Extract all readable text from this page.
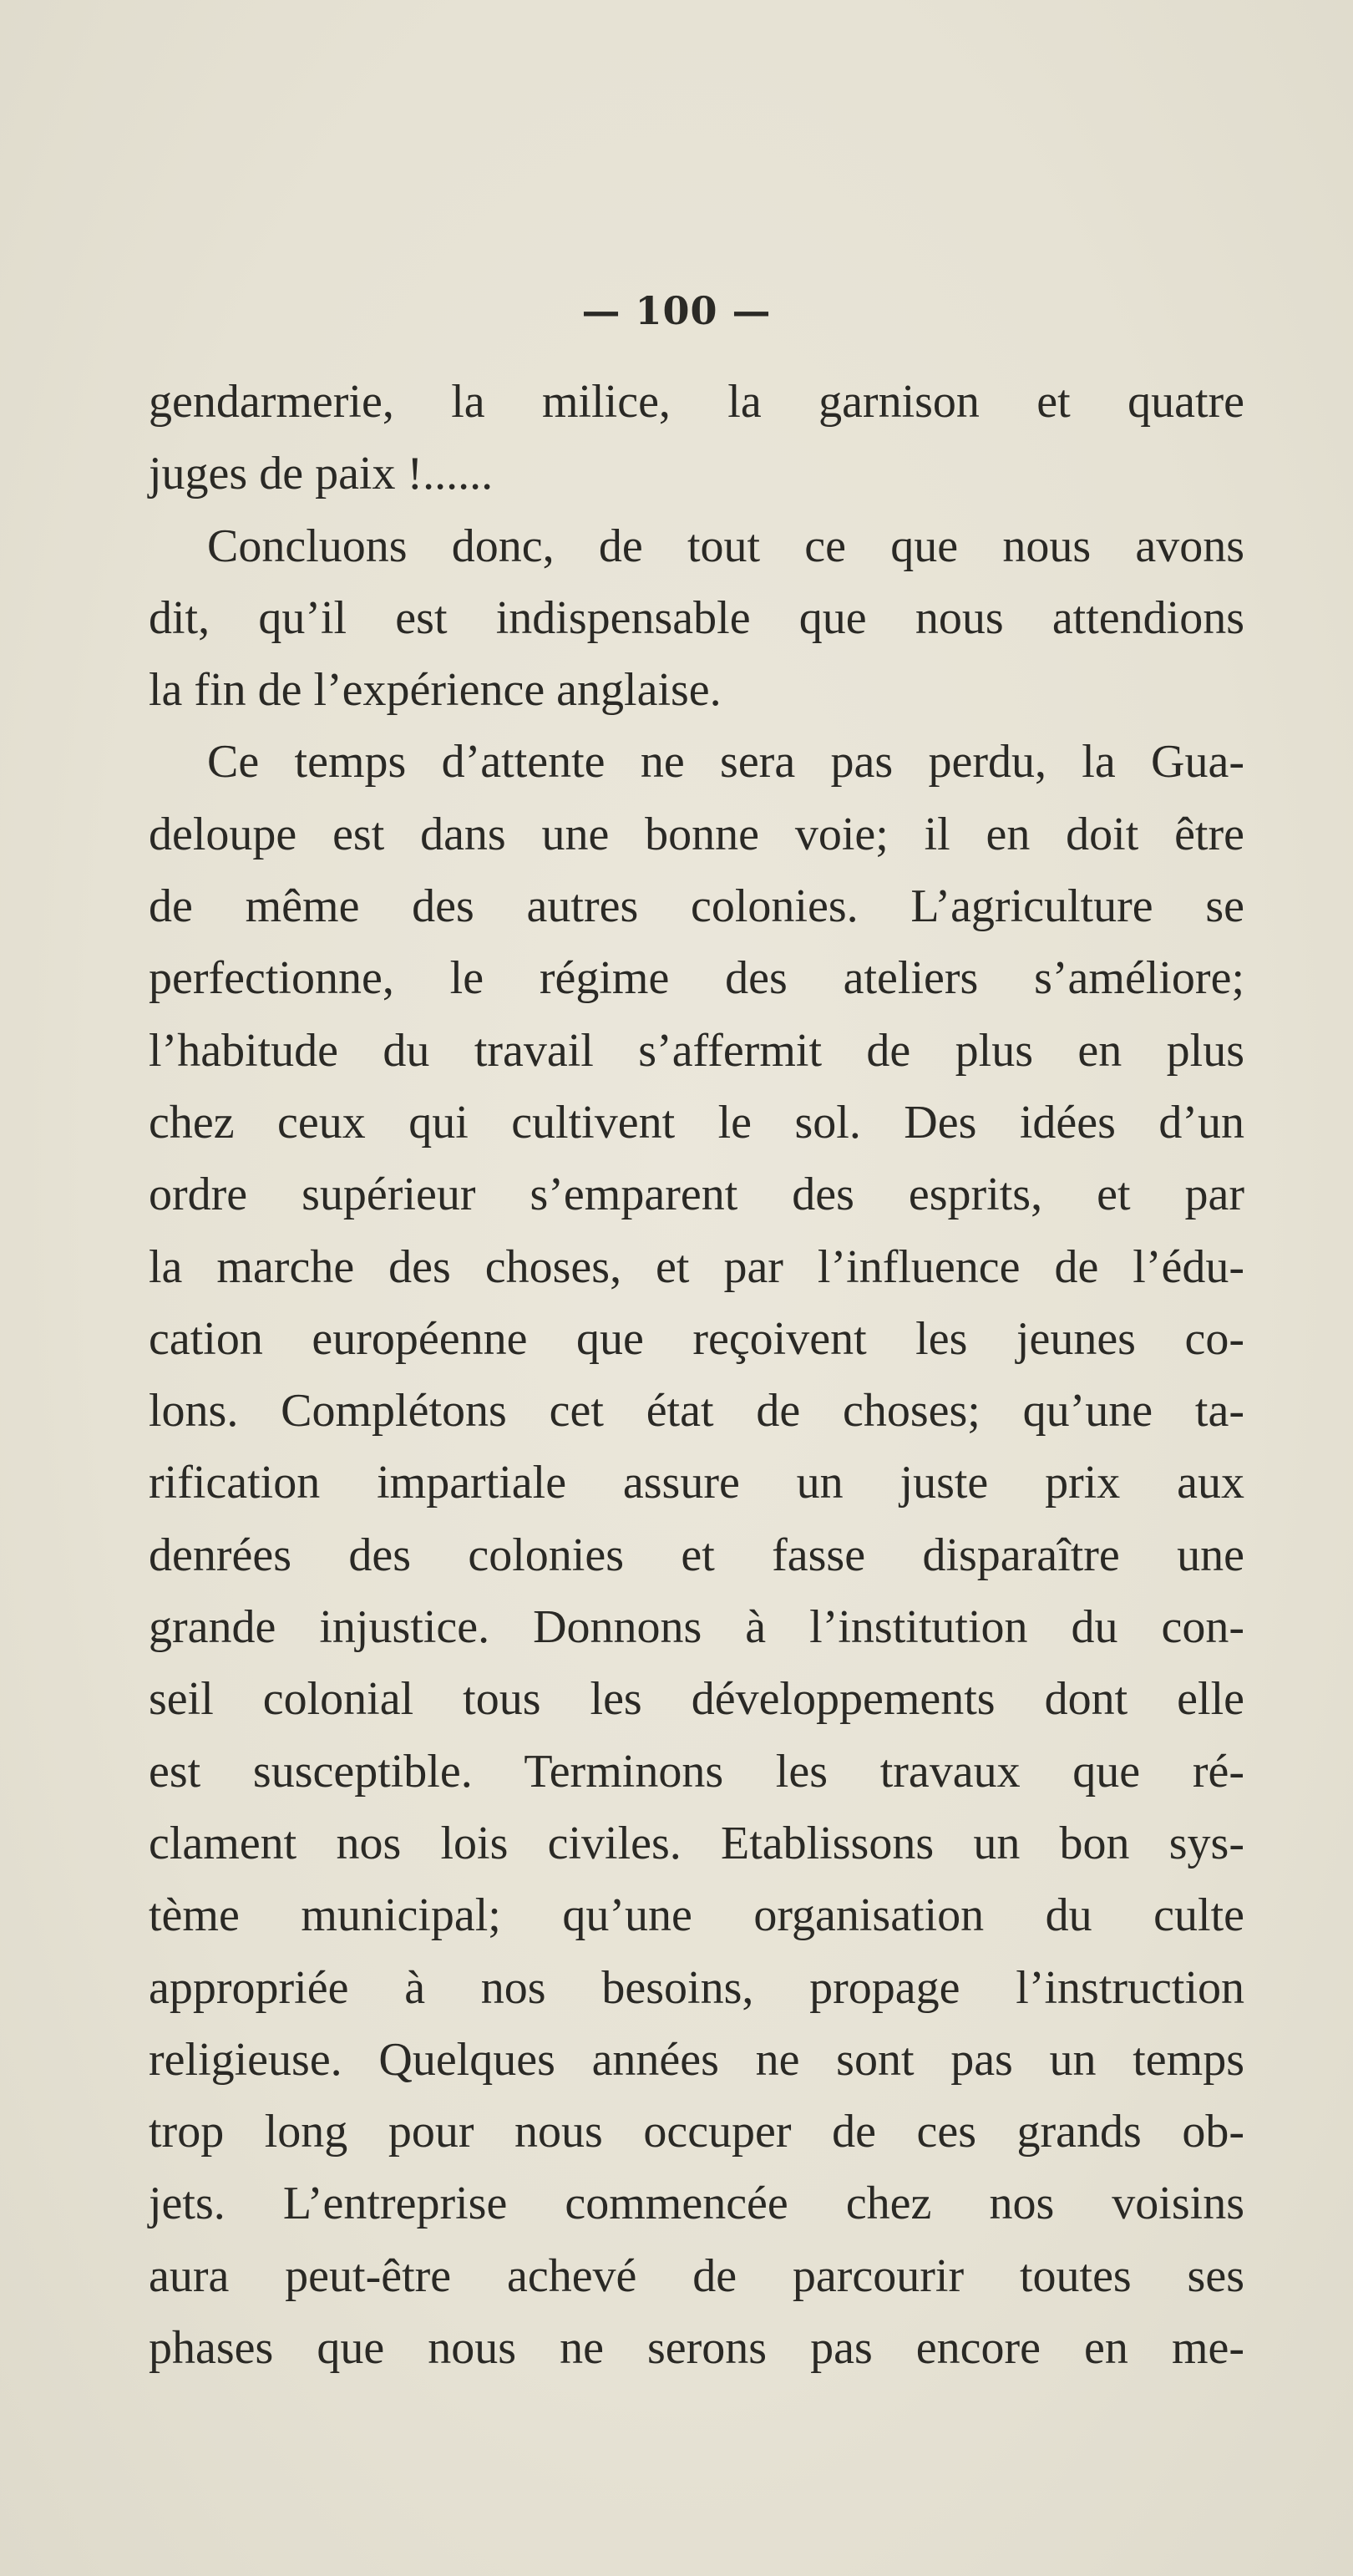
— 100 —
gendarmerie, la milice, la garnison et quatre
juges de paix !......
Concluons donc, de tout ce que nous avons
dit, qu’il est indispensable que nous attendions
la fin de l’expérience anglaise.
Ce temps d’attente ne sera pas perdu, la Gua-
deloupe est dans une bonne voie; il en doit être
de même des autres colonies. L’agriculture se
perfectionne, le régime des ateliers s’améliore;
l’habitude du travail s’affermit de plus en plus
chez ceux qui cultivent le sol. Des idées d’un
ordre supérieur s’emparent des esprits, et par
la marche des choses, et par l’influence de l’édu-
cation européenne que reçoivent les jeunes co-
lons. Complétons cet état de choses; qu’une ta-
rification impartiale assure un juste prix aux
denrées des colonies et fasse disparaître une
grande injustice. Donnons à l’institution du con-
seil colonial tous les développements dont elle
est susceptible. Terminons les travaux que ré-
clament nos lois civiles. Etablissons un bon sys-
tème municipal; qu’une organisation du culte
appropriée à nos besoins, propage l’instruction
religieuse. Quelques années ne sont pas un temps
trop long pour nous occuper de ces grands ob-
jets. L’entreprise commencée chez nos voisins
aura peut-être achevé de parcourir toutes ses
phases que nous ne serons pas encore en me-
